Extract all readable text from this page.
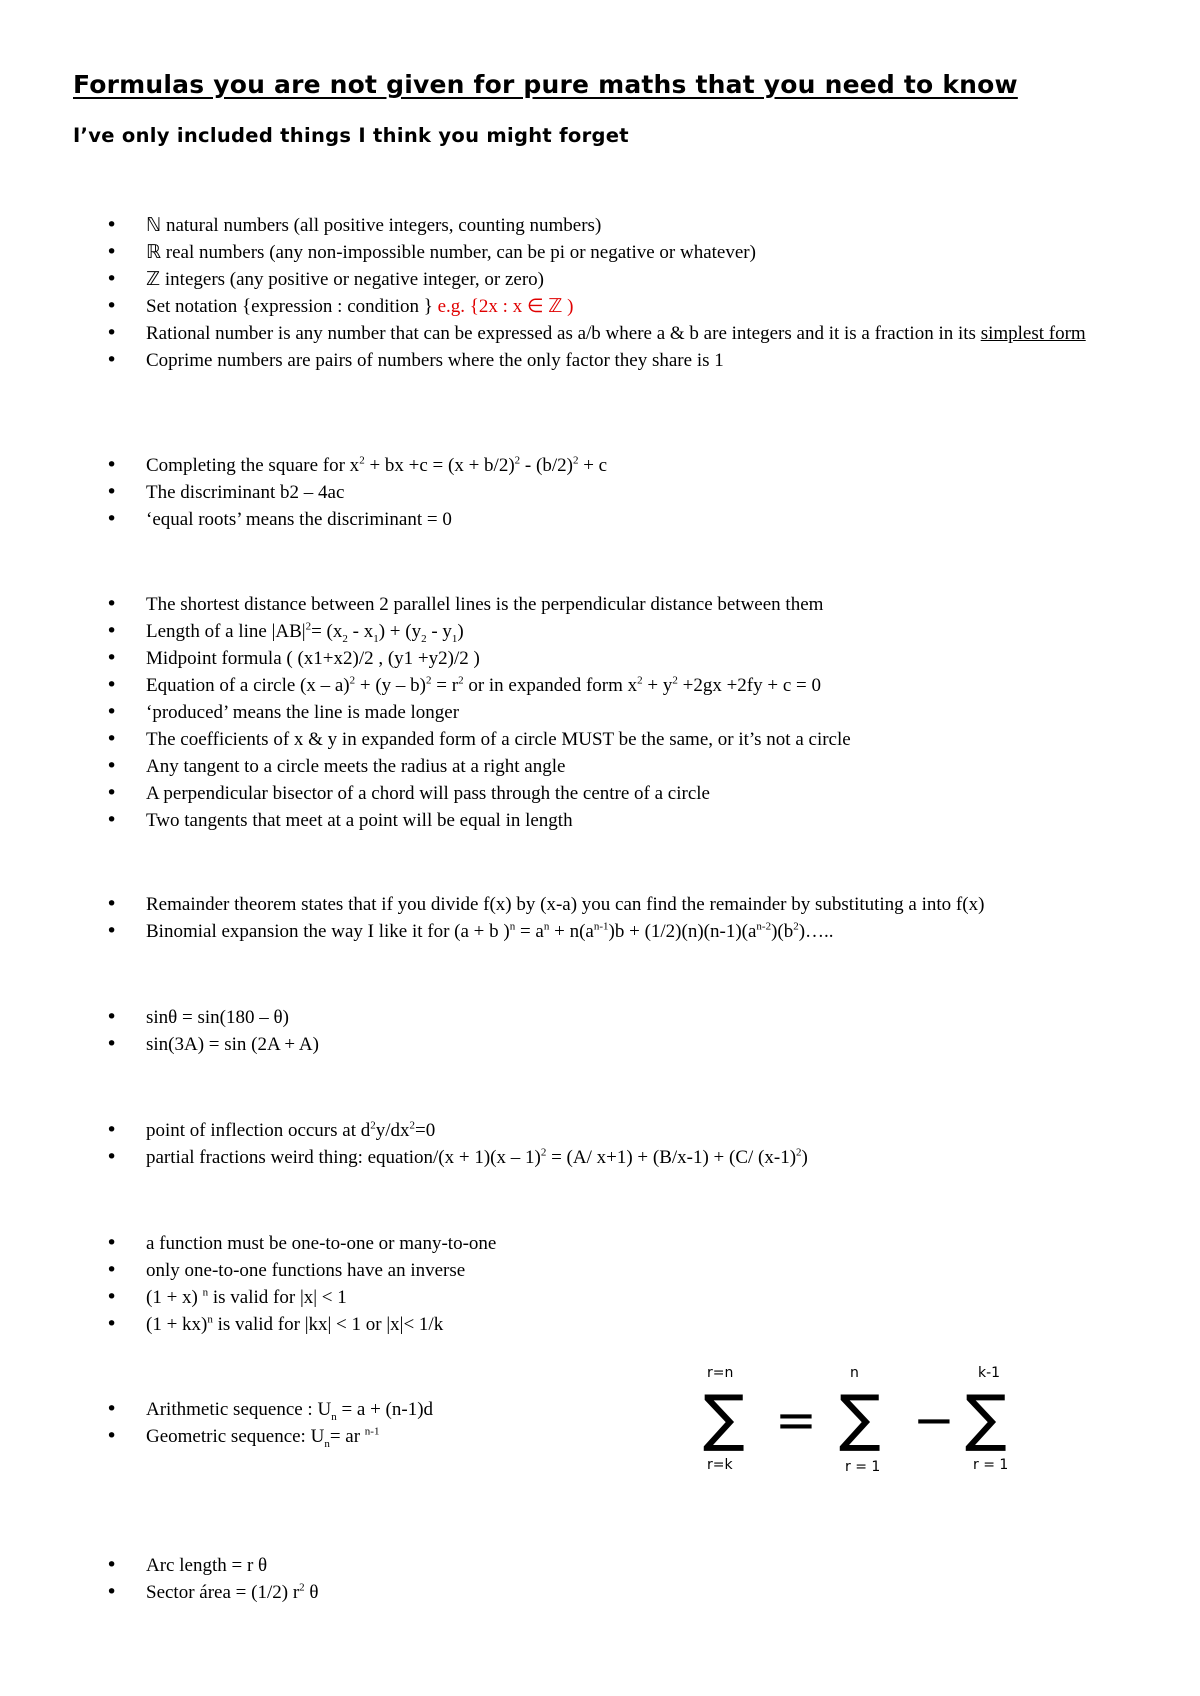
Formulas you are not given for pure maths that you need to know
I’ve only included things I think you might forget
• ℕ natural numbers (all positive integers, counting numbers)
• ℝ real numbers (any non-impossible number, can be pi or negative or whatever)
• ℤ integers (any positive or negative integer, or zero)
• Set notation {expression : condition } e.g. {2x : x ∈ ℤ )
• Rational number is any number that can be expressed as a/b where a & b are integers and it is a fraction in its simplest form
• Coprime numbers are pairs of numbers where the only factor they share is 1
• Completing the square for $x^2$ + bx $+c = (x + b/2)^2 - (b/2)^2 + c$
• The discriminant b2 – 4ac
• ‘equal roots’ means the discriminant = 0
• The shortest distance between 2 parallel lines is the perpendicular distance between them
• Length of a line $|AB|^2= (x_2 - x_1) + (y_2 - y_1)$
• Midpoint formula ( (x1+x2)/2 , (y1 +y2)/2 )
• Equation of a circle $(x - a)^2 + (y - b)^2 = r^2$ or in expanded form $x^2 + y^2 +2gx +2fy + c = 0$
• ‘produced’ means the line is made longer
• The coefficients of x & y in expanded form of a circle MUST be the same, or it’s not a circle
• Any tangent to a circle meets the radius at a right angle
• A perpendicular bisector of a chord will pass through the centre of a circle
• Two tangents that meet at a point will be equal in length
• Remainder theorem states that if you divide f(x) by (x-a) you can find the remainder by substituting a into f(x)
• Binomial expansion the way I like it for (a + b )$^n = a^n + n(a^{n-1})b$ + $(1/2)(n)(n-1)(a^{n-2})(b^2)\dots$..
• sinθ = sin(180 – θ)
• sin(3A) = sin (2A + A)
• point of inflection occurs at $d^2y/dx^2=0$
• partial fractions weird thing: equation/(x + 1)(x – 1)$^2$ = (A/ x+1) + (B/x-1) + (C/ $(x-1)^2$)
• a function must be one-to-one or many-to-one
• only one-to-one functions have an inverse
• (1 + x) $^n$ is valid for |x| < 1
• (1 + kx)$^n$ is valid for |kx| < 1 or |x|< 1/k
• Arithmetic sequence : $U_n = a + (n-1)d$
• Geometric sequence: $U_n=$ ar $^{n-1}$
• Arc length = r θ
• Sector área = (1/2) $r^2$ θ
r=n
∑
r=k
=
n
∑
r = 1
−
k-1
∑
r = 1
